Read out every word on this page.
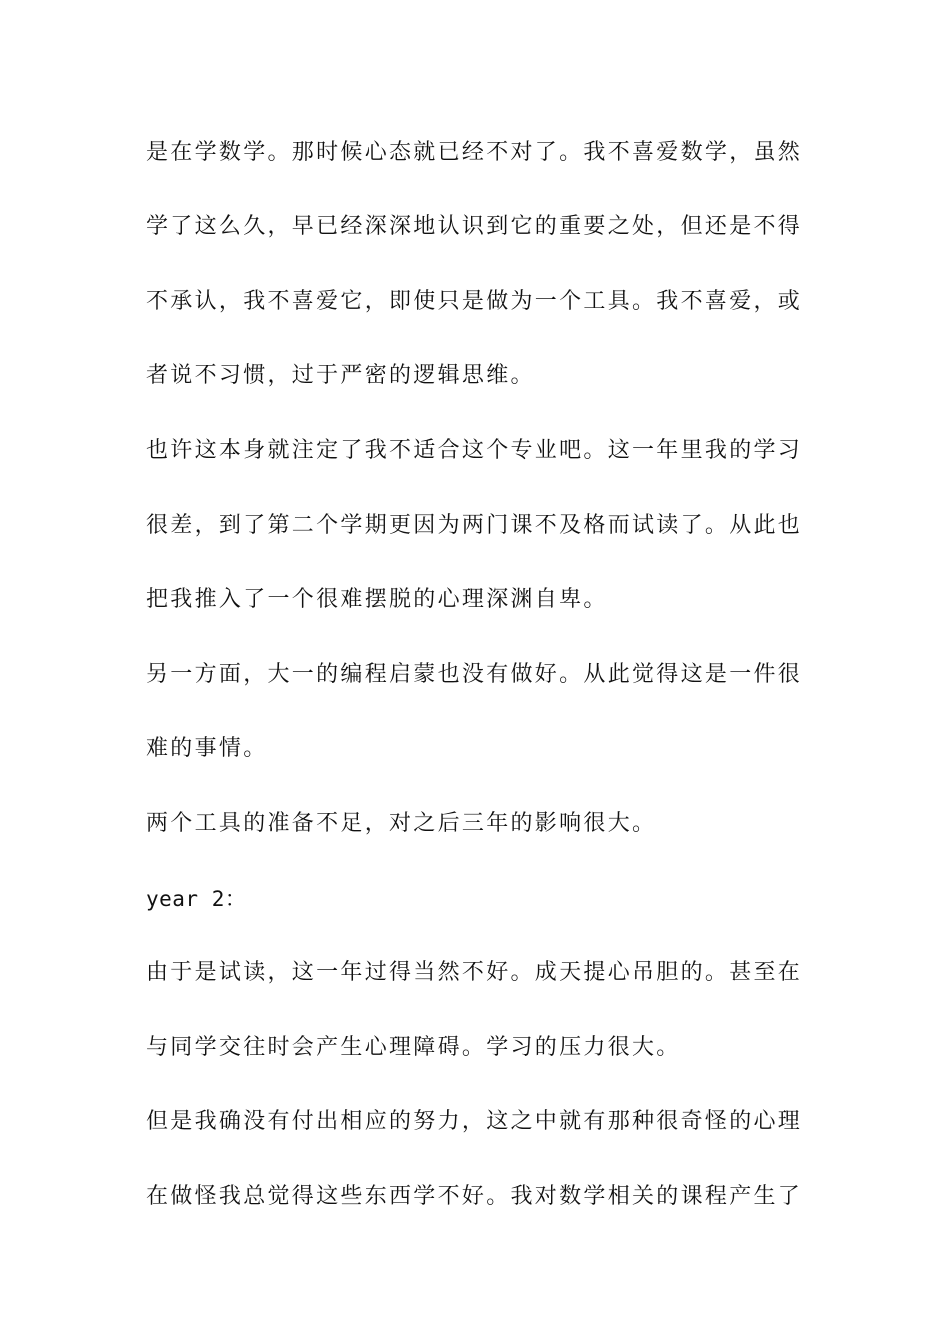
是在学数学。那时候心态就已经不对了。我不喜爱数学，虽然
学了这么久，早已经深深地认识到它的重要之处，但还是不得
不承认，我不喜爱它，即使只是做为一个工具。我不喜爱，或
者说不习惯，过于严密的逻辑思维。
也许这本身就注定了我不适合这个专业吧。这一年里我的学习
很差，到了第二个学期更因为两门课不及格而试读了。从此也
把我推入了一个很难摆脱的心理深渊自卑。
另一方面，大一的编程启蒙也没有做好。从此觉得这是一件很
难的事情。
两个工具的准备不足，对之后三年的影响很大。
year 2：
由于是试读，这一年过得当然不好。成天提心吊胆的。甚至在
与同学交往时会产生心理障碍。学习的压力很大。
但是我确没有付出相应的努力，这之中就有那种很奇怪的心理
在做怪我总觉得这些东西学不好。我对数学相关的课程产生了
